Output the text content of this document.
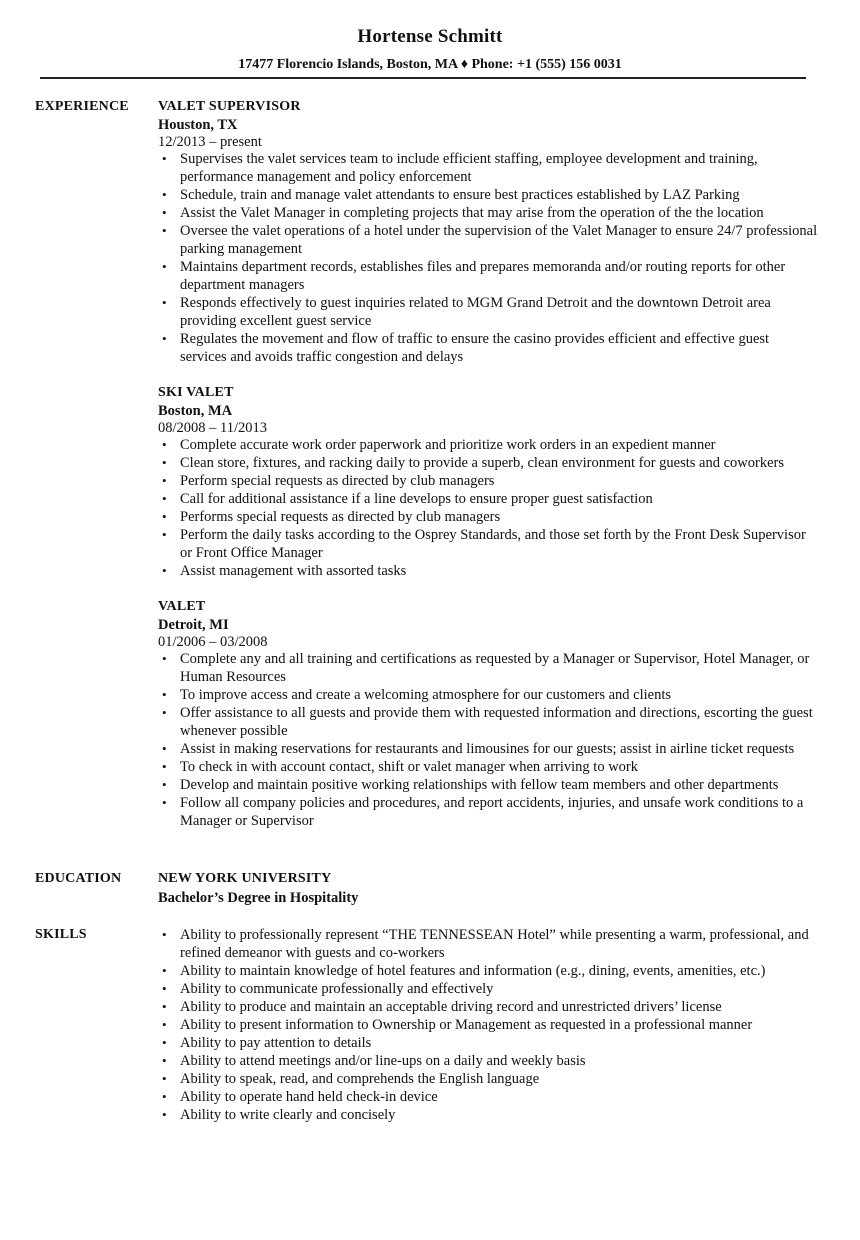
Hortense Schmitt
17477 Florencio Islands, Boston, MA ♦ Phone: +1 (555) 156 0031
EXPERIENCE VALET SUPERVISOR
Houston, TX
12/2013 – present
• Supervises the valet services team to include efficient staffing, employee development and training, performance management and policy enforcement
• Schedule, train and manage valet attendants to ensure best practices established by LAZ Parking
• Assist the Valet Manager in completing projects that may arise from the operation of the the location
• Oversee the valet operations of a hotel under the supervision of the Valet Manager to ensure 24/7 professional parking management
• Maintains department records, establishes files and prepares memoranda and/or routing reports for other department managers
• Responds effectively to guest inquiries related to MGM Grand Detroit and the downtown Detroit area providing excellent guest service
• Regulates the movement and flow of traffic to ensure the casino provides efficient and effective guest services and avoids traffic congestion and delays
SKI VALET
Boston, MA
08/2008 – 11/2013
• Complete accurate work order paperwork and prioritize work orders in an expedient manner
• Clean store, fixtures, and racking daily to provide a superb, clean environment for guests and coworkers
• Perform special requests as directed by club managers
• Call for additional assistance if a line develops to ensure proper guest satisfaction
• Performs special requests as directed by club managers
• Perform the daily tasks according to the Osprey Standards, and those set forth by the Front Desk Supervisor or Front Office Manager
• Assist management with assorted tasks
VALET
Detroit, MI
01/2006 – 03/2008
• Complete any and all training and certifications as requested by a Manager or Supervisor, Hotel Manager, or Human Resources
• To improve access and create a welcoming atmosphere for our customers and clients
• Offer assistance to all guests and provide them with requested information and directions, escorting the guest whenever possible
• Assist in making reservations for restaurants and limousines for our guests; assist in airline ticket requests
• To check in with account contact, shift or valet manager when arriving to work
• Develop and maintain positive working relationships with fellow team members and other departments
• Follow all company policies and procedures, and report accidents, injuries, and unsafe work conditions to a Manager or Supervisor
EDUCATION	NEW YORK UNIVERSITY
Bachelor’s Degree in Hospitality
SKILLS	• Ability to professionally represent “THE TENNESSEAN Hotel” while presenting a warm, professional, and refined demeanor with guests and co-workers
• Ability to maintain knowledge of hotel features and information (e.g., dining, events, amenities, etc.)
• Ability to communicate professionally and effectively
• Ability to produce and maintain an acceptable driving record and unrestricted drivers’ license
• Ability to present information to Ownership or Management as requested in a professional manner
• Ability to pay attention to details
• Ability to attend meetings and/or line-ups on a daily and weekly basis
• Ability to speak, read, and comprehends the English language
• Ability to operate hand held check-in device
• Ability to write clearly and concisely
